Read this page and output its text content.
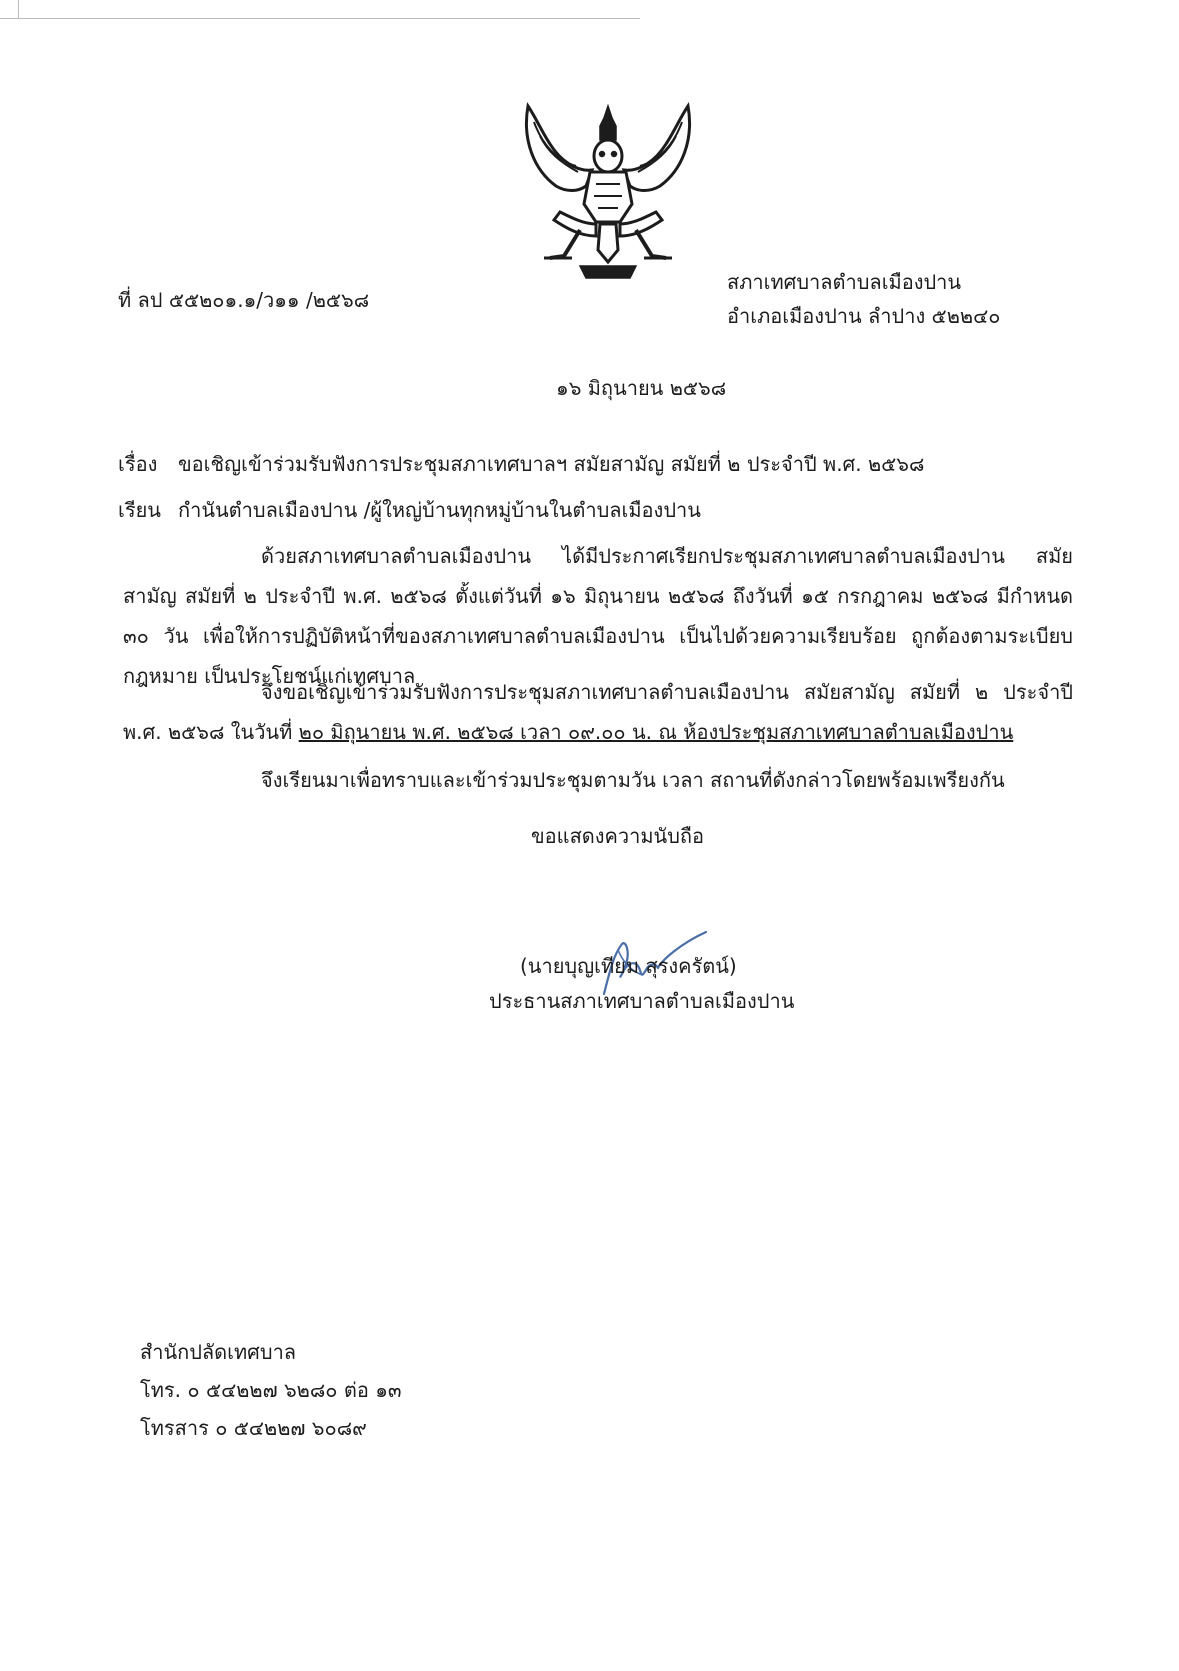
ที่ ลป ๕๕๒๐๑.๑/ว๑๑ /๒๕๖๘
สภาเทศบาลตำบลเมืองปาน
อำเภอเมืองปาน ลำปาง ๕๒๒๔๐
๑๖ มิถุนายน ๒๕๖๘
เรื่อง ขอเชิญเข้าร่วมรับฟังการประชุมสภาเทศบาลฯ สมัยสามัญ สมัยที่ ๒ ประจำปี พ.ศ. ๒๕๖๘
เรียน กำนันตำบลเมืองปาน /ผู้ใหญ่บ้านทุกหมู่บ้านในตำบลเมืองปาน
ด้วยสภาเทศบาลตำบลเมืองปาน ได้มีประกาศเรียกประชุมสภาเทศบาลตำบลเมืองปาน สมัยสามัญ สมัยที่ ๒ ประจำปี พ.ศ. ๒๕๖๘ ตั้งแต่วันที่ ๑๖ มิถุนายน ๒๕๖๘ ถึงวันที่ ๑๕ กรกฎาคม ๒๕๖๘ มีกำหนด ๓๐ วัน เพื่อให้การปฏิบัติหน้าที่ของสภาเทศบาลตำบลเมืองปาน เป็นไปด้วยความเรียบร้อย ถูกต้องตามระเบียบกฎหมาย เป็นประโยชน์แก่เทศบาล
จึงขอเชิญเข้าร่วมรับฟังการประชุมสภาเทศบาลตำบลเมืองปาน สมัยสามัญ สมัยที่ ๒ ประจำปี พ.ศ. ๒๕๖๘ ในวันที่ ๒๐ มิถุนายน พ.ศ. ๒๕๖๘ เวลา ๐๙.๐๐ น. ณ ห้องประชุมสภาเทศบาลตำบลเมืองปาน
จึงเรียนมาเพื่อทราบและเข้าร่วมประชุมตามวัน เวลา สถานที่ดังกล่าวโดยพร้อมเพรียงกัน
ขอแสดงความนับถือ
(นายบุญเทียม สุรงครัตน์)
ประธานสภาเทศบาลตำบลเมืองปาน
สำนักปลัดเทศบาล
โทร. ๐ ๕๔๒๒๗ ๖๒๘๐ ต่อ ๑๓
โทรสาร ๐ ๕๔๒๒๗ ๖๐๘๙
